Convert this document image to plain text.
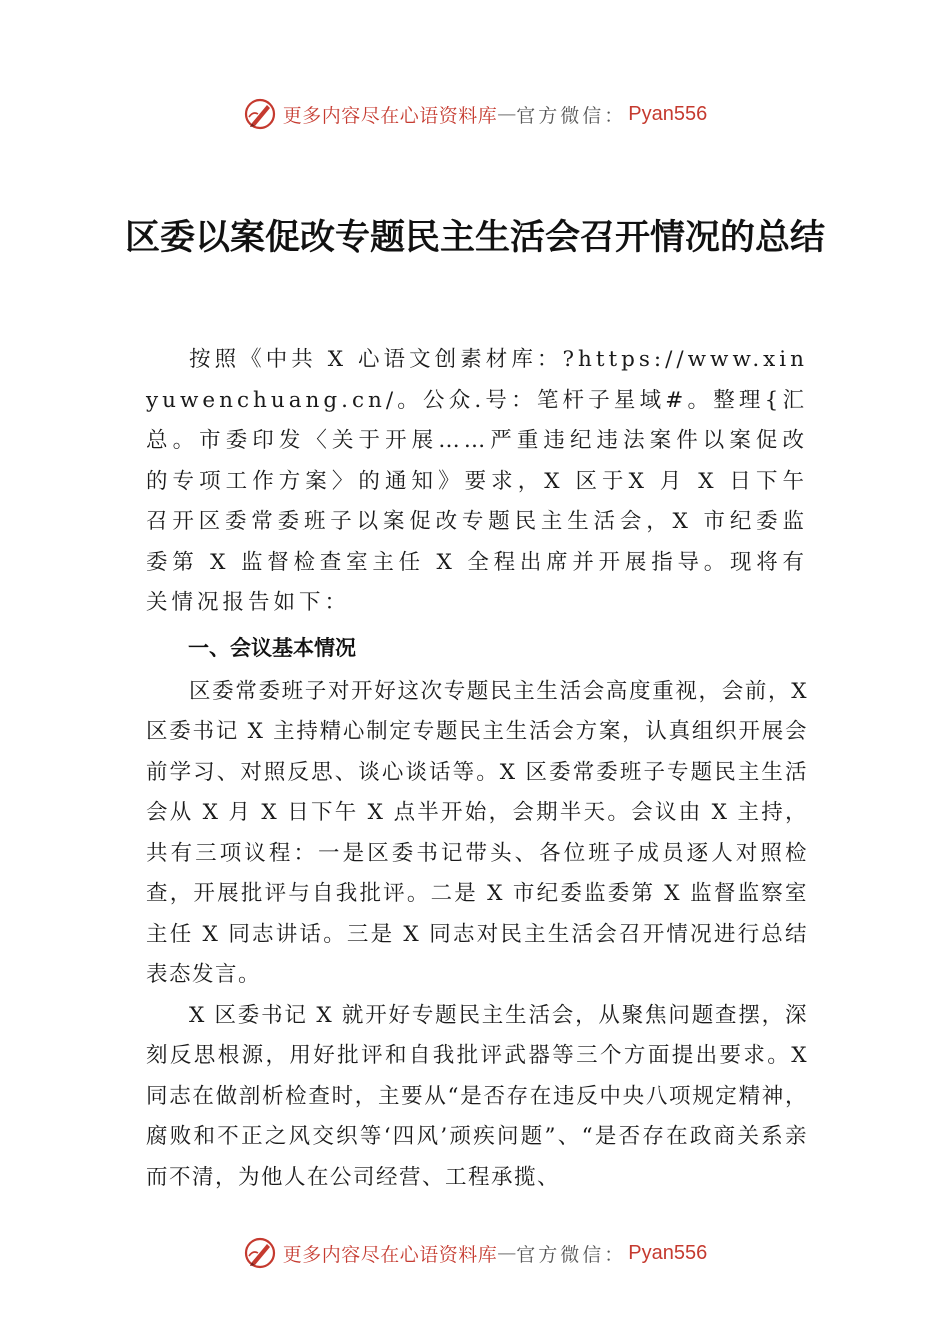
更多内容尽在心语资料库 — 官方微信： Pyan556
区委以案促改专题民主生活会召开情况的总结

按照《中共 X 心语文创素材库：?https://www.xinyuwenchuang.cn/。公众.号：笔杆子星域#。整理{汇总。市委印发〈关于开展……严重违纪违法案件以案促改的专项工作方案〉的通知》要求，X 区于X 月 X 日下午召开区委常委班子以案促改专题民主生活会，X 市纪委监委第 X 监督检查室主任 X 全程出席并开展指导。现将有关情况报告如下：

一、会议基本情况

区委常委班子对开好这次专题民主生活会高度重视，会前，X 区委书记 X 主持精心制定专题民主生活会方案，认真组织开展会前学习、对照反思、谈心谈话等。X 区委常委班子专题民主生活会从 X 月 X 日下午 X 点半开始，会期半天。会议由 X 主持，共有三项议程：一是区委书记带头、各位班子成员逐人对照检查，开展批评与自我批评。二是 X 市纪委监委第 X 监督监察室主任 X 同志讲话。三是 X 同志对民主生活会召开情况进行总结表态发言。

X 区委书记 X 就开好专题民主生活会，从聚焦问题查摆，深刻反思根源，用好批评和自我批评武器等三个方面提出要求。X 同志在做剖析检查时，主要从“是否存在违反中央八项规定精神，腐败和不正之风交织等‘四风’顽疾问题”、“是否存在政商关系亲而不清，为他人在公司经营、工程承揽、

更多内容尽在心语资料库 — 官方微信： Pyan556
